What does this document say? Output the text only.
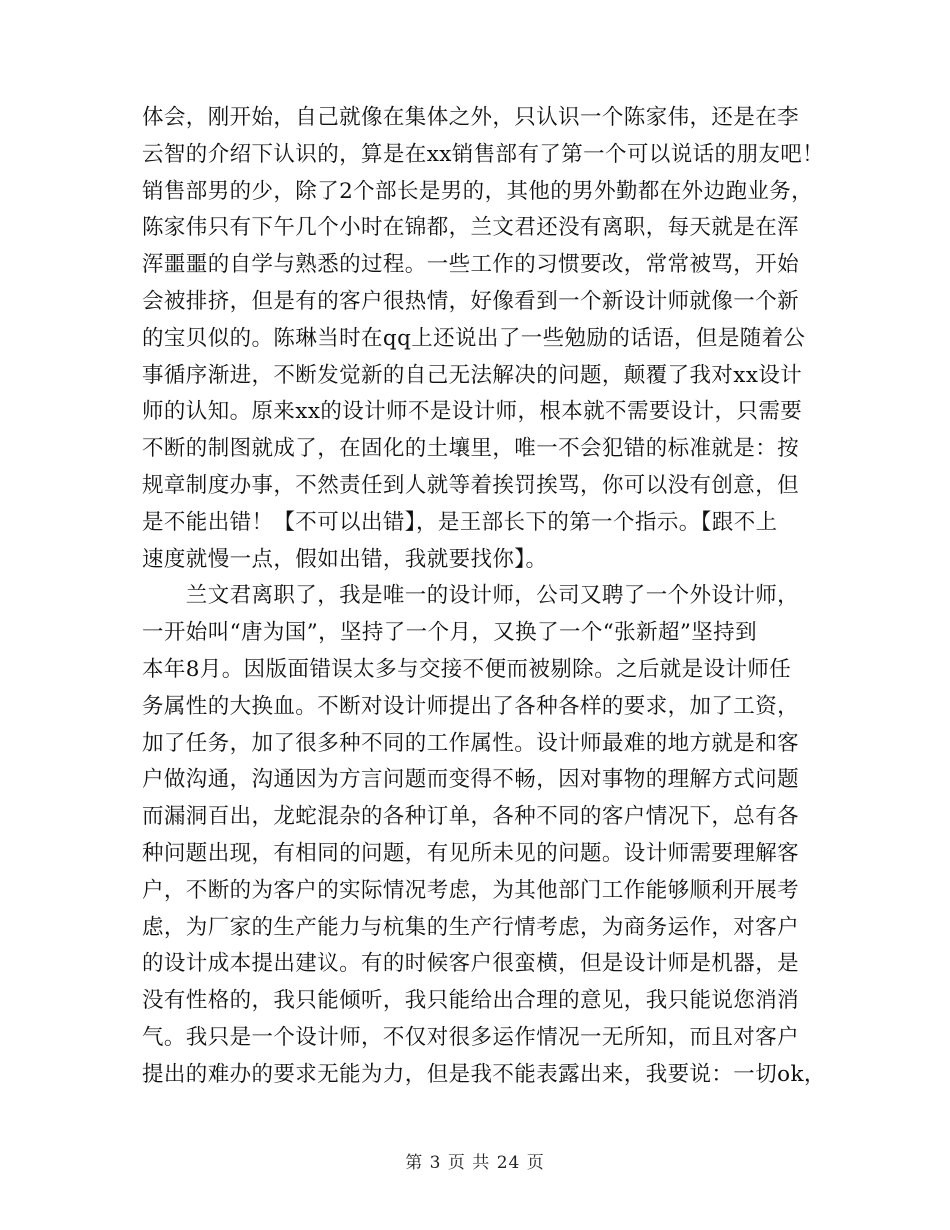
体会，刚开始，自己就像在集体之外，只认识一个陈家伟，还是在李
云智的介绍下认识的，算是在xx销售部有了第一个可以说话的朋友吧！
销售部男的少，除了2个部长是男的，其他的男外勤都在外边跑业务，
陈家伟只有下午几个小时在锦都，兰文君还没有离职，每天就是在浑
浑噩噩的自学与熟悉的过程。一些工作的习惯要改，常常被骂，开始
会被排挤，但是有的客户很热情，好像看到一个新设计师就像一个新
的宝贝似的。陈琳当时在qq上还说出了一些勉励的话语，但是随着公
事循序渐进，不断发觉新的自己无法解决的问题，颠覆了我对xx设计
师的认知。原来xx的设计师不是设计师，根本就不需要设计，只需要
不断的制图就成了，在固化的土壤里，唯一不会犯错的标准就是：按
规章制度办事，不然责任到人就等着挨罚挨骂，你可以没有创意，但
是不能出错！【不可以出错】，是王部长下的第一个指示。【跟不上
速度就慢一点，假如出错，我就要找你】。
　　兰文君离职了，我是唯一的设计师，公司又聘了一个外设计师，
一开始叫“唐为国”，坚持了一个月，又换了一个“张新超”坚持到
本年8月。因版面错误太多与交接不便而被剔除。之后就是设计师任
务属性的大换血。不断对设计师提出了各种各样的要求，加了工资，
加了任务，加了很多种不同的工作属性。设计师最难的地方就是和客
户做沟通，沟通因为方言问题而变得不畅，因对事物的理解方式问题
而漏洞百出，龙蛇混杂的各种订单，各种不同的客户情况下，总有各
种问题出现，有相同的问题，有见所未见的问题。设计师需要理解客
户，不断的为客户的实际情况考虑，为其他部门工作能够顺利开展考
虑，为厂家的生产能力与杭集的生产行情考虑，为商务运作，对客户
的设计成本提出建议。有的时候客户很蛮横，但是设计师是机器，是
没有性格的，我只能倾听，我只能给出合理的意见，我只能说您消消
气。我只是一个设计师，不仅对很多运作情况一无所知，而且对客户
提出的难办的要求无能为力，但是我不能表露出来，我要说：一切ok，
第 3 页 共 24 页
